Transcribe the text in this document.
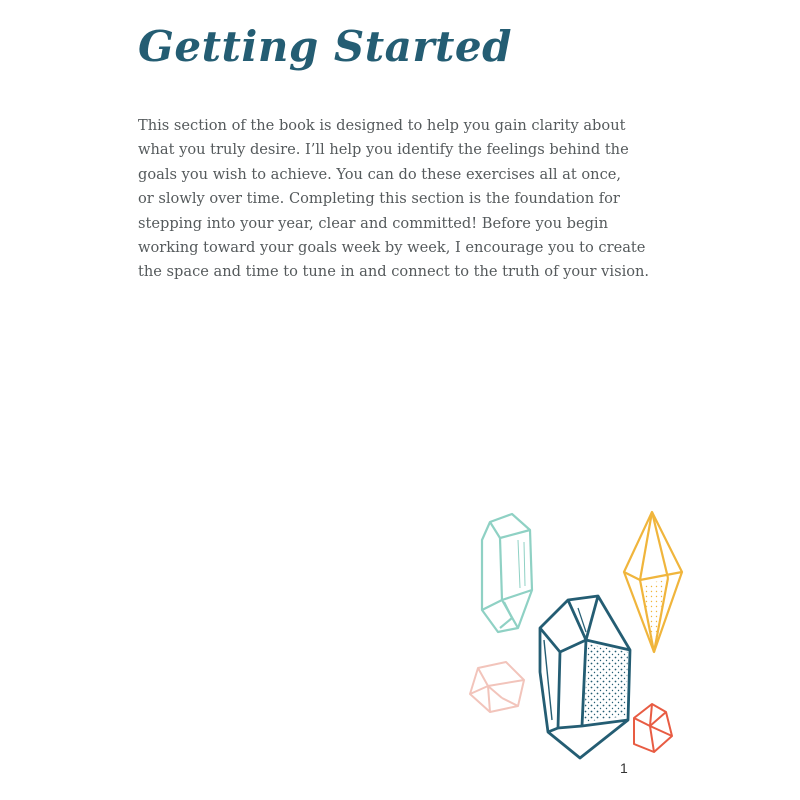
Getting Started

This section of the book is designed to help you gain clarity about
what you truly desire. I’ll help you identify the feelings behind the
goals you wish to achieve. You can do these exercises all at once,
or slowly over time. Completing this section is the foundation for
stepping into your year, clear and committed! Before you begin
working toward your goals week by week, I encourage you to create
the space and time to tune in and connect to the truth of your vision.

1
